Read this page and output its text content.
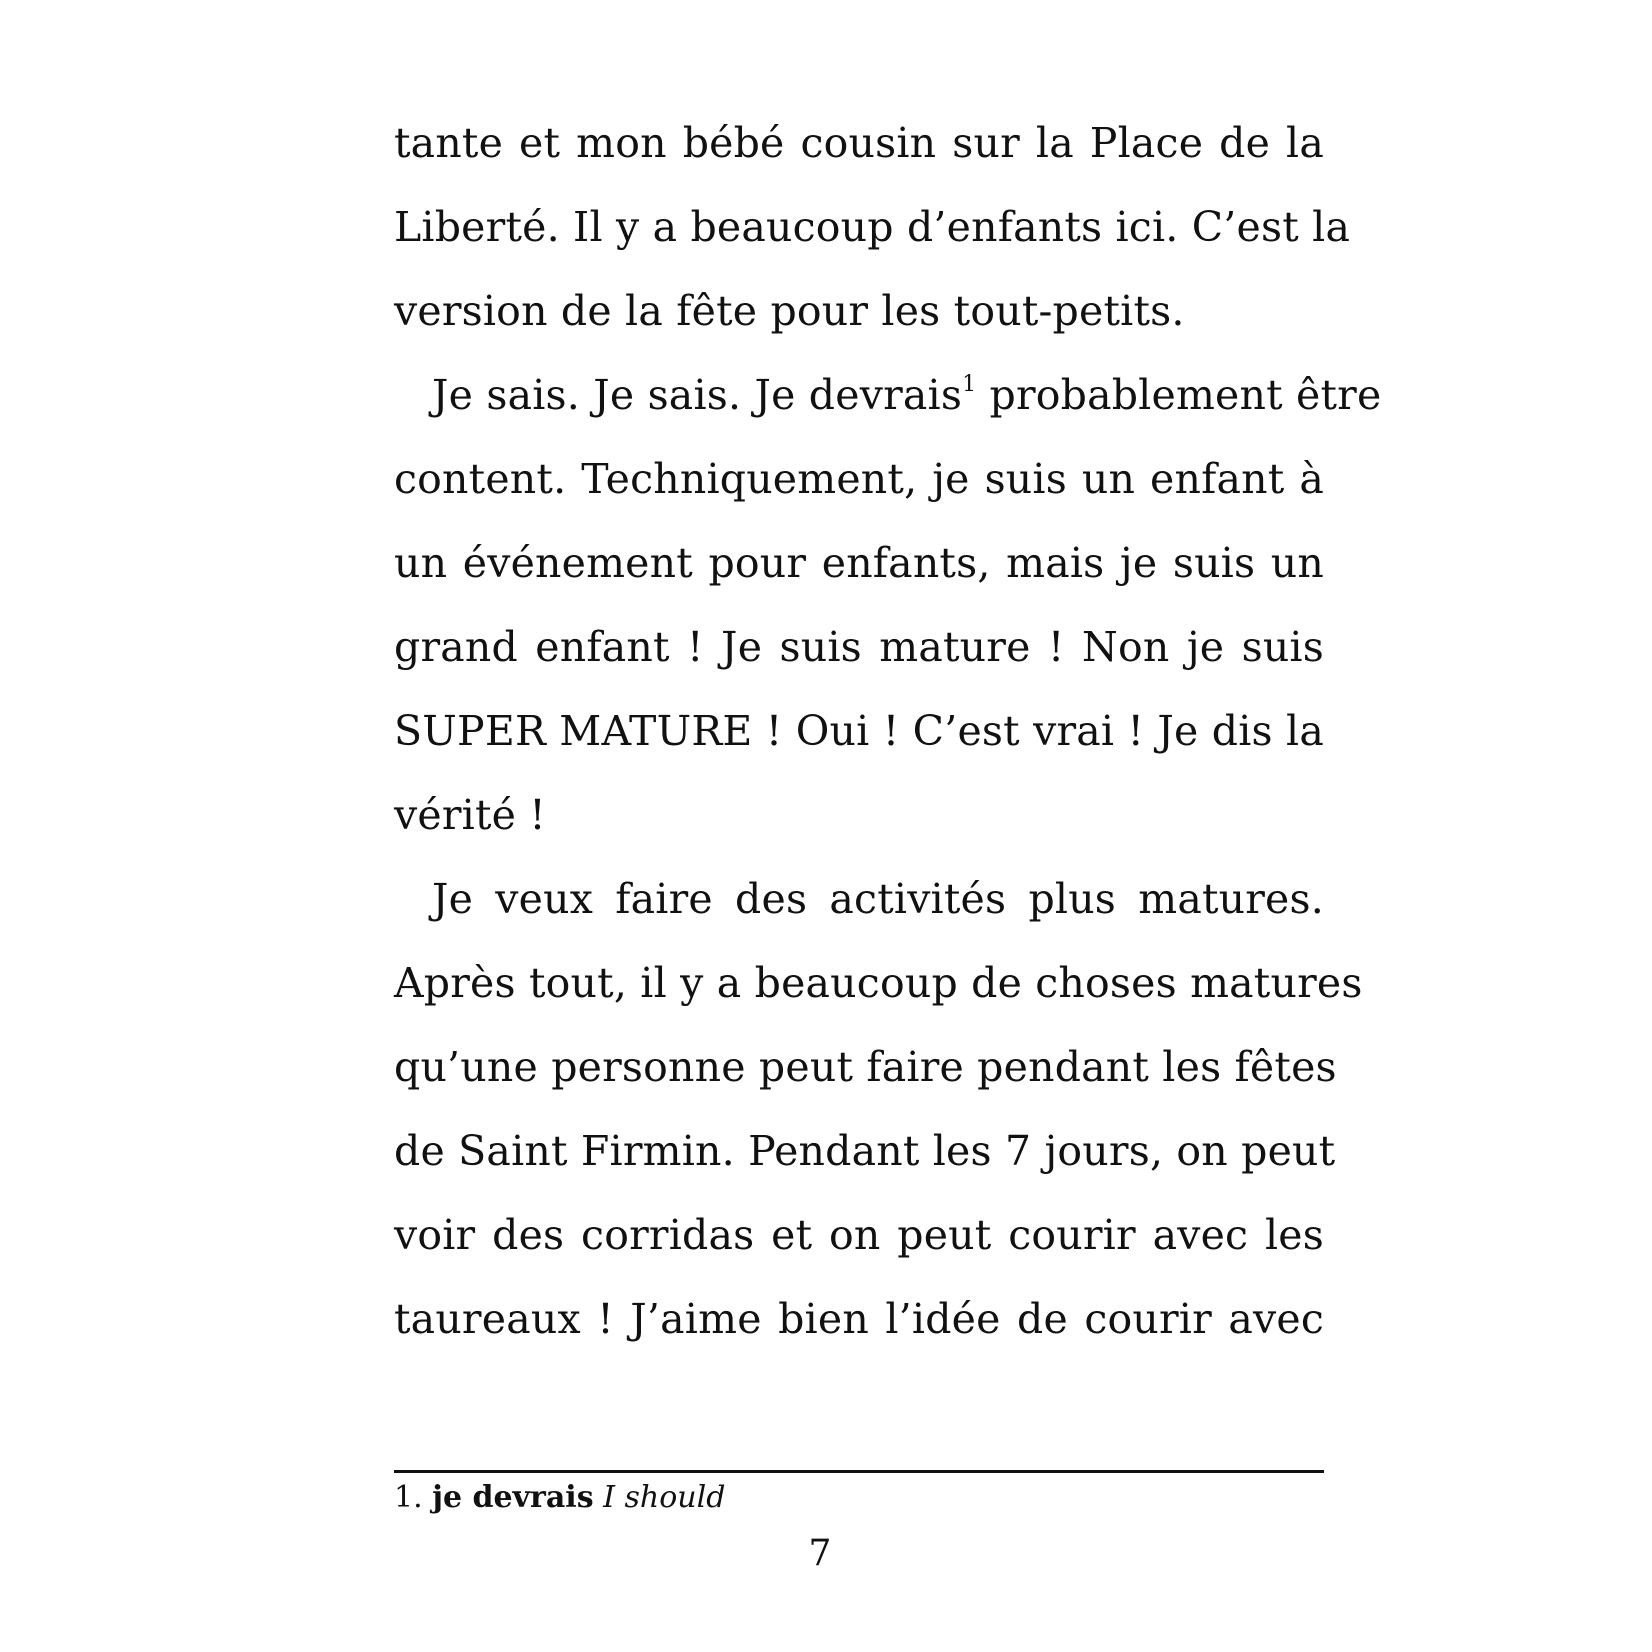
tante et mon bébé cousin sur la Place de la
Liberté. Il y a beaucoup d’enfants ici. C’est la
version de la fête pour les tout-petits.
Je sais. Je sais. Je devrais$^1$ probablement être
content. Techniquement, je suis un enfant à
un événement pour enfants, mais je suis un
grand enfant ! Je suis mature ! Non je suis
SUPER MATURE ! Oui ! C’est vrai ! Je dis la
vérité !
Je veux faire des activités plus matures.
Après tout, il y a beaucoup de choses matures
qu’une personne peut faire pendant les fêtes
de Saint Firmin. Pendant les 7 jours, on peut
voir des corridas et on peut courir avec les
taureaux ! J’aime bien l’idée de courir avec
1. je devrais I should
7
